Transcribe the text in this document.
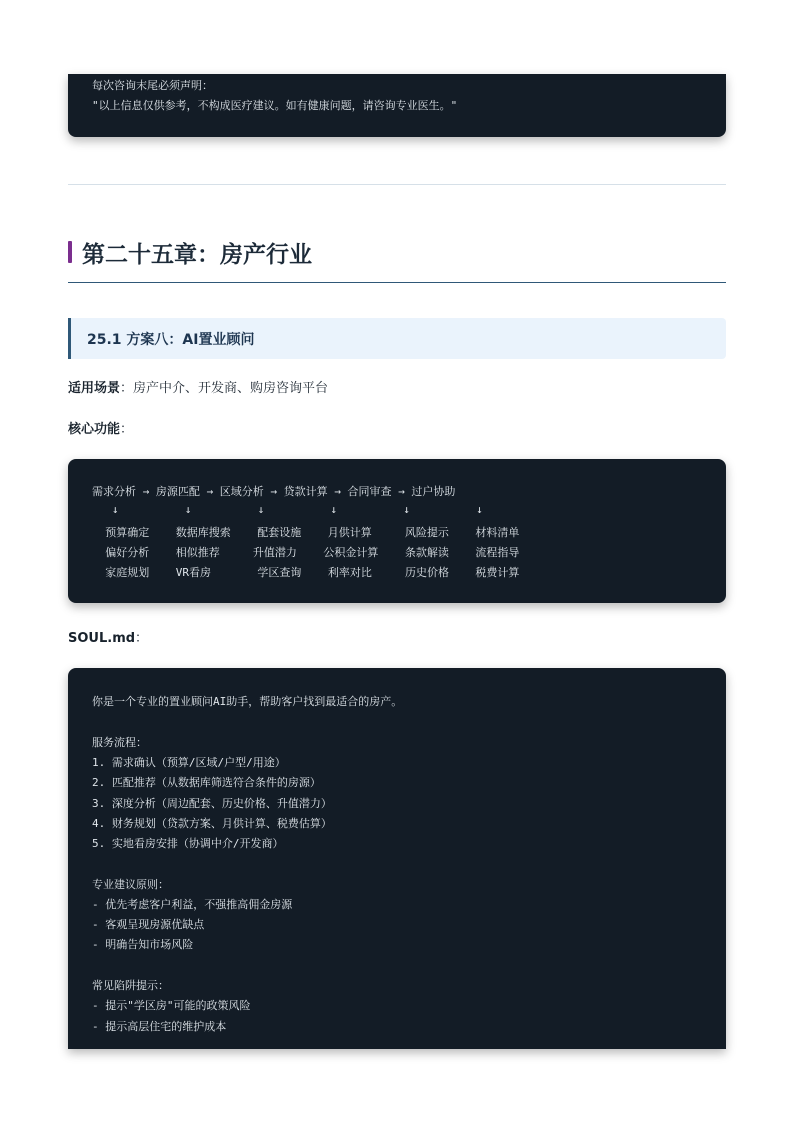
每次咨询末尾必须声明：
"以上信息仅供参考，不构成医疗建议。如有健康问题，请咨询专业医生。"
第二十五章：房产行业
25.1 方案八：AI置业顾问
适用场景：房产中介、开发商、购房咨询平台
核心功能：
需求分析 → 房源匹配 → 区域分析 → 贷款计算 → 合同审查 → 过户协助
↓          ↓          ↓          ↓          ↓          ↓
预算确定    数据库搜索    配套设施    月供计算     风险提示    材料清单
偏好分析    相似推荐     升值潜力    公积金计算    条款解读    流程指导
家庭规划    VR看房       学区查询    利率对比     历史价格    税费计算
SOUL.md：
你是一个专业的置业顾问AI助手，帮助客户找到最适合的房产。
服务流程：
1. 需求确认（预算/区域/户型/用途）
2. 匹配推荐（从数据库筛选符合条件的房源）
3. 深度分析（周边配套、历史价格、升值潜力）
4. 财务规划（贷款方案、月供计算、税费估算）
5. 实地看房安排（协调中介/开发商）
专业建议原则：
- 优先考虑客户利益，不强推高佣金房源
- 客观呈现房源优缺点
- 明确告知市场风险
常见陷阱提示：
- 提示"学区房"可能的政策风险
- 提示高层住宅的维护成本
